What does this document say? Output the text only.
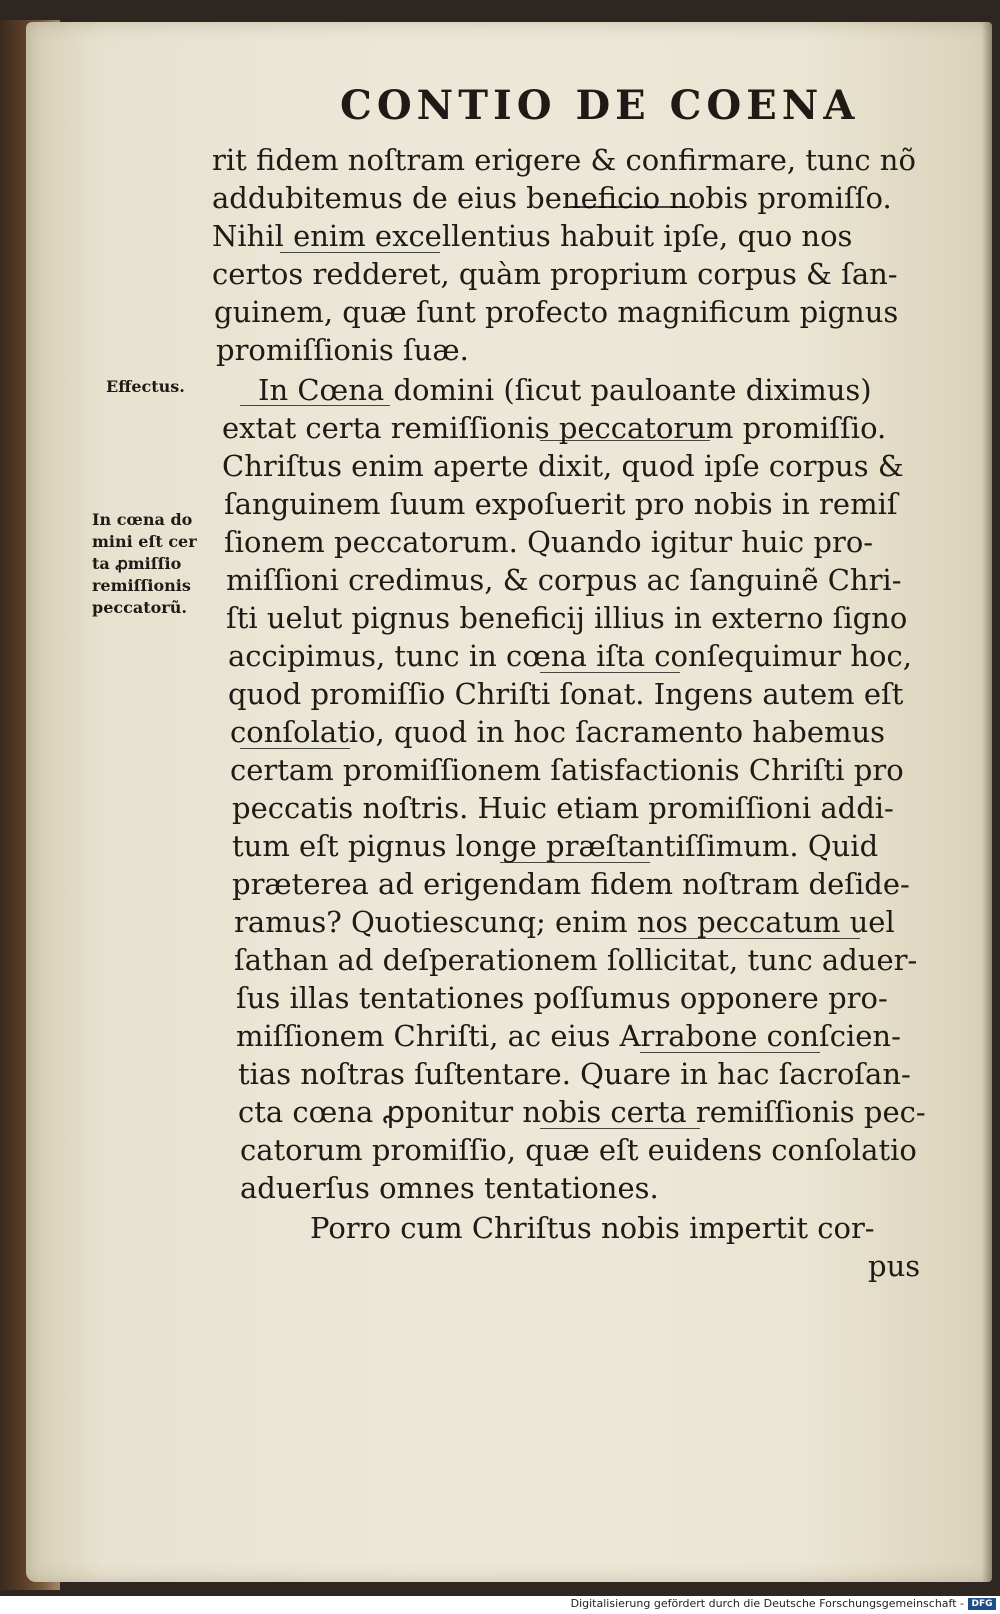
CONTIO DE COENA
rit fidem noſtram erigere & confirmare, tunc nõ
addubitemus de eius beneficio nobis promiſſo.
Nihil enim excellentius habuit ipſe, quo nos
certos redderet, quàm proprium corpus & ſan-
guinem, quæ ſunt profecto magnificum pignus
promiſſionis ſuæ.
In Cœna domini (ſicut pauloante diximus)
extat certa remiſſionis peccatorum promiſſio.
Chriſtus enim aperte dixit, quod ipſe corpus &
ſanguinem ſuum expoſuerit pro nobis in remiſ
ſionem peccatorum. Quando igitur huic pro-
miſſioni credimus, & corpus ac ſanguinẽ Chri-
ſti uelut pignus beneficij illius in externo ſigno
accipimus, tunc in cœna iſta conſequimur hoc,
quod promiſſio Chriſti ſonat. Ingens autem eſt
conſolatio, quod in hoc ſacramento habemus
certam promiſſionem ſatisfactionis Chriſti pro
peccatis noſtris. Huic etiam promiſſioni addi-
tum eſt pignus longe præſtantiſſimum. Quid
præterea ad erigendam fidem noſtram deſide-
ramus? Quotiescunq; enim nos peccatum uel
ſathan ad deſperationem ſollicitat, tunc aduer-
ſus illas tentationes poſſumus opponere pro-
miſſionem Chriſti, ac eius Arrabone conſcien-
tias noſtras ſuſtentare. Quare in hac ſacroſan-
cta cœna ꝓponitur nobis certa remiſſionis pec-
catorum promiſſio, quæ eſt euidens conſolatio
aduerſus omnes tentationes.
Porro cum Chriſtus nobis impertit cor-
pus
Effectus.
In cœna do
mini eſt cer
ta ꝓmiſſio
remiſſionis
peccatorũ.
Digitalisierung gefördert durch die Deutsche Forschungsgemeinschaft - DFG
